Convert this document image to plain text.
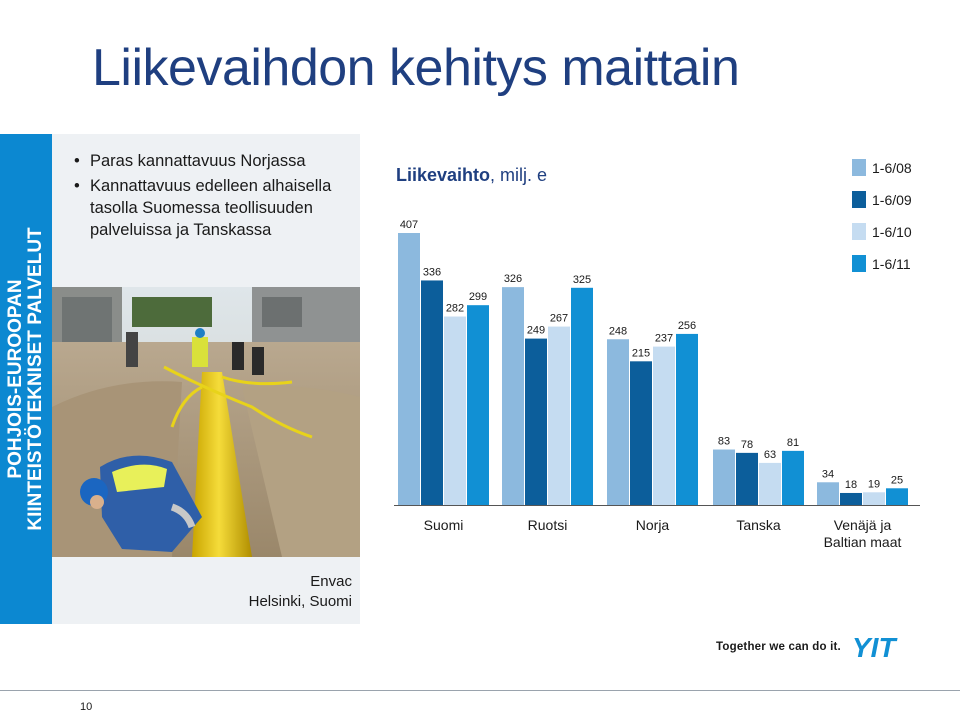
Liikevaihdon kehitys maittain
POHJOIS-EUROOPAN KIINTEISTÖTEKNISET PALVELUT
• Paras kannattavuus Norjassa
• Kannattavuus edelleen alhaisella tasolla Suomessa teollisuuden palveluissa ja Tanskassa
Envac
Helsinki, Suomi
Liikevaihto, milj. e
407
326
248
83
34
336
249
215
78
18
282
267
237
63
19
299
325
256
81
25
Suomi	Ruotsi	Norja	Tanska	Venäjä ja Baltian maat
1-6/08
1-6/09
1-6/10
1-6/11
10
Together we can do it. YIT
